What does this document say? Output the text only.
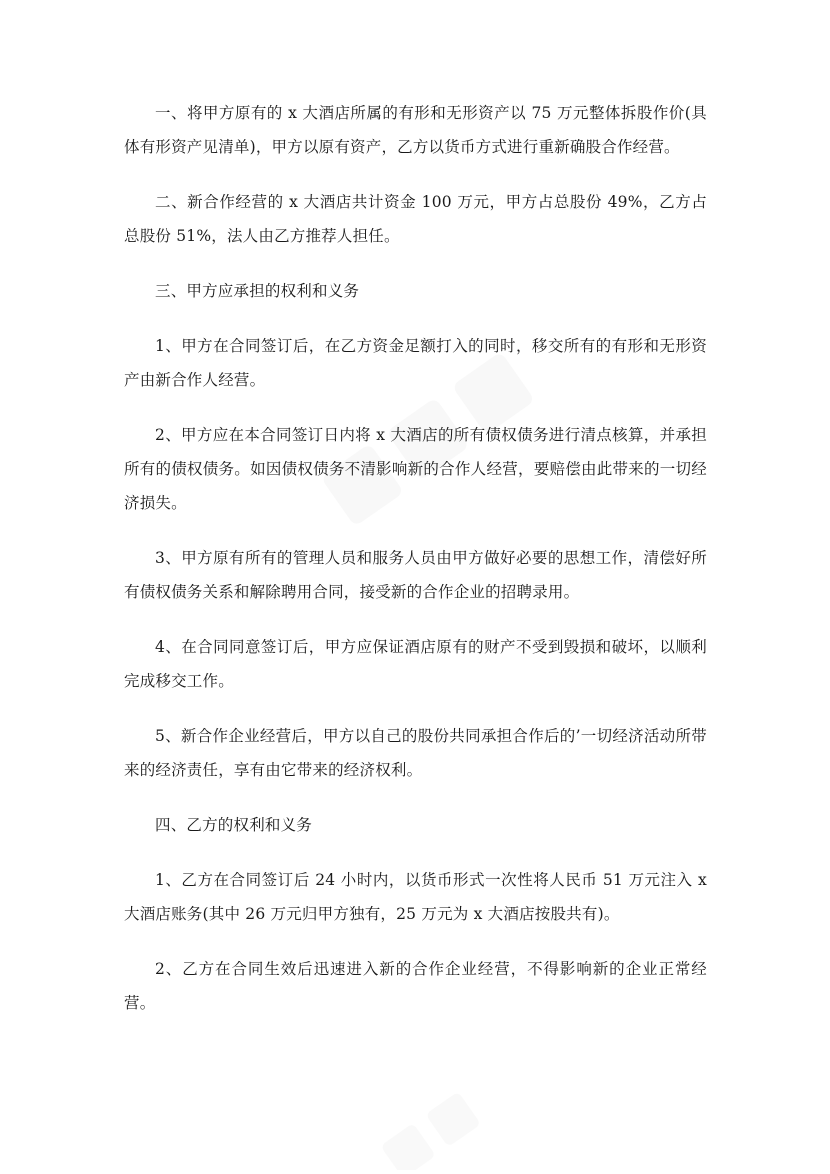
一、将甲方原有的 x 大酒店所属的有形和无形资产以 75 万元整体拆股作价(具体有形资产见清单)，甲方以原有资产，乙方以货币方式进行重新确股合作经营。

二、新合作经营的 x 大酒店共计资金 100 万元，甲方占总股份 49%，乙方占总股份 51%，法人由乙方推荐人担任。

三、甲方应承担的权利和义务

1、甲方在合同签订后，在乙方资金足额打入的同时，移交所有的有形和无形资产由新合作人经营。

2、甲方应在本合同签订日内将 x 大酒店的所有债权债务进行清点核算，并承担所有的债权债务。如因债权债务不清影响新的合作人经营，要赔偿由此带来的一切经济损失。

3、甲方原有所有的管理人员和服务人员由甲方做好必要的思想工作，清偿好所有债权债务关系和解除聘用合同，接受新的合作企业的招聘录用。

4、在合同同意签订后，甲方应保证酒店原有的财产不受到毁损和破坏，以顺利完成移交工作。

5、新合作企业经营后，甲方以自己的股份共同承担合作后的’一切经济活动所带来的经济责任，享有由它带来的经济权利。

四、乙方的权利和义务

1、乙方在合同签订后 24 小时内，以货币形式一次性将人民币 51 万元注入 x 大酒店账务(其中 26 万元归甲方独有，25 万元为 x 大酒店按股共有)。

2、乙方在合同生效后迅速进入新的合作企业经营，不得影响新的企业正常经营。
